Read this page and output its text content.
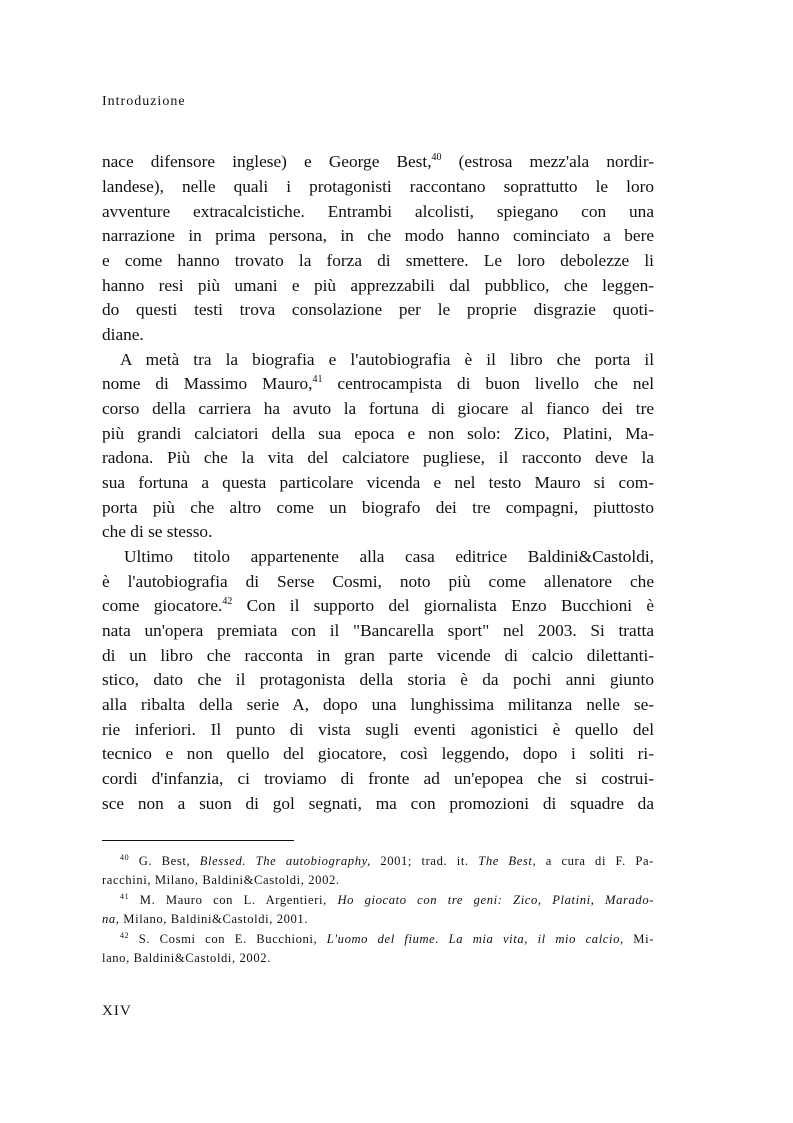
Introduzione
nace difensore inglese) e George Best,$^{40}$ (estrosa mezz'ala nordir-
landese), nelle quali i protagonisti raccontano soprattutto le loro
avventure extracalcistiche. Entrambi alcolisti, spiegano con una
narrazione in prima persona, in che modo hanno cominciato a bere
e come hanno trovato la forza di smettere. Le loro debolezze li
hanno resi più umani e più apprezzabili dal pubblico, che leggen-
do questi testi trova consolazione per le proprie disgrazie quoti-
diane.
A metà tra la biografia e l'autobiografia è il libro che porta il
nome di Massimo Mauro,$^{41}$ centrocampista di buon livello che nel
corso della carriera ha avuto la fortuna di giocare al fianco dei tre
più grandi calciatori della sua epoca e non solo: Zico, Platini, Ma-
radona. Più che la vita del calciatore pugliese, il racconto deve la
sua fortuna a questa particolare vicenda e nel testo Mauro si com-
porta più che altro come un biografo dei tre compagni, piuttosto
che di se stesso.
Ultimo titolo appartenente alla casa editrice Baldini&Castoldi,
è l'autobiografia di Serse Cosmi, noto più come allenatore che
come giocatore.$^{42}$ Con il supporto del giornalista Enzo Bucchioni è
nata un'opera premiata con il "Bancarella sport" nel 2003. Si tratta
di un libro che racconta in gran parte vicende di calcio dilettanti-
stico, dato che il protagonista della storia è da pochi anni giunto
alla ribalta della serie A, dopo una lunghissima militanza nelle se-
rie inferiori. Il punto di vista sugli eventi agonistici è quello del
tecnico e non quello del giocatore, così leggendo, dopo i soliti ri-
cordi d'infanzia, ci troviamo di fronte ad un'epopea che si costrui-
sce non a suon di gol segnati, ma con promozioni di squadre da
$^{40}$ G. Best, Blessed. The autobiography, 2001; trad. it. The Best, a cura di F. Pa-
racchini, Milano, Baldini&Castoldi, 2002.
$^{41}$ M. Mauro con L. Argentieri, Ho giocato con tre geni: Zico, Platini, Marado-
na, Milano, Baldini&Castoldi, 2001.
$^{42}$ S. Cosmi con E. Bucchioni, L'uomo del fiume. La mia vita, il mio calcio, Mi-
lano, Baldini&Castoldi, 2002.
XIV
